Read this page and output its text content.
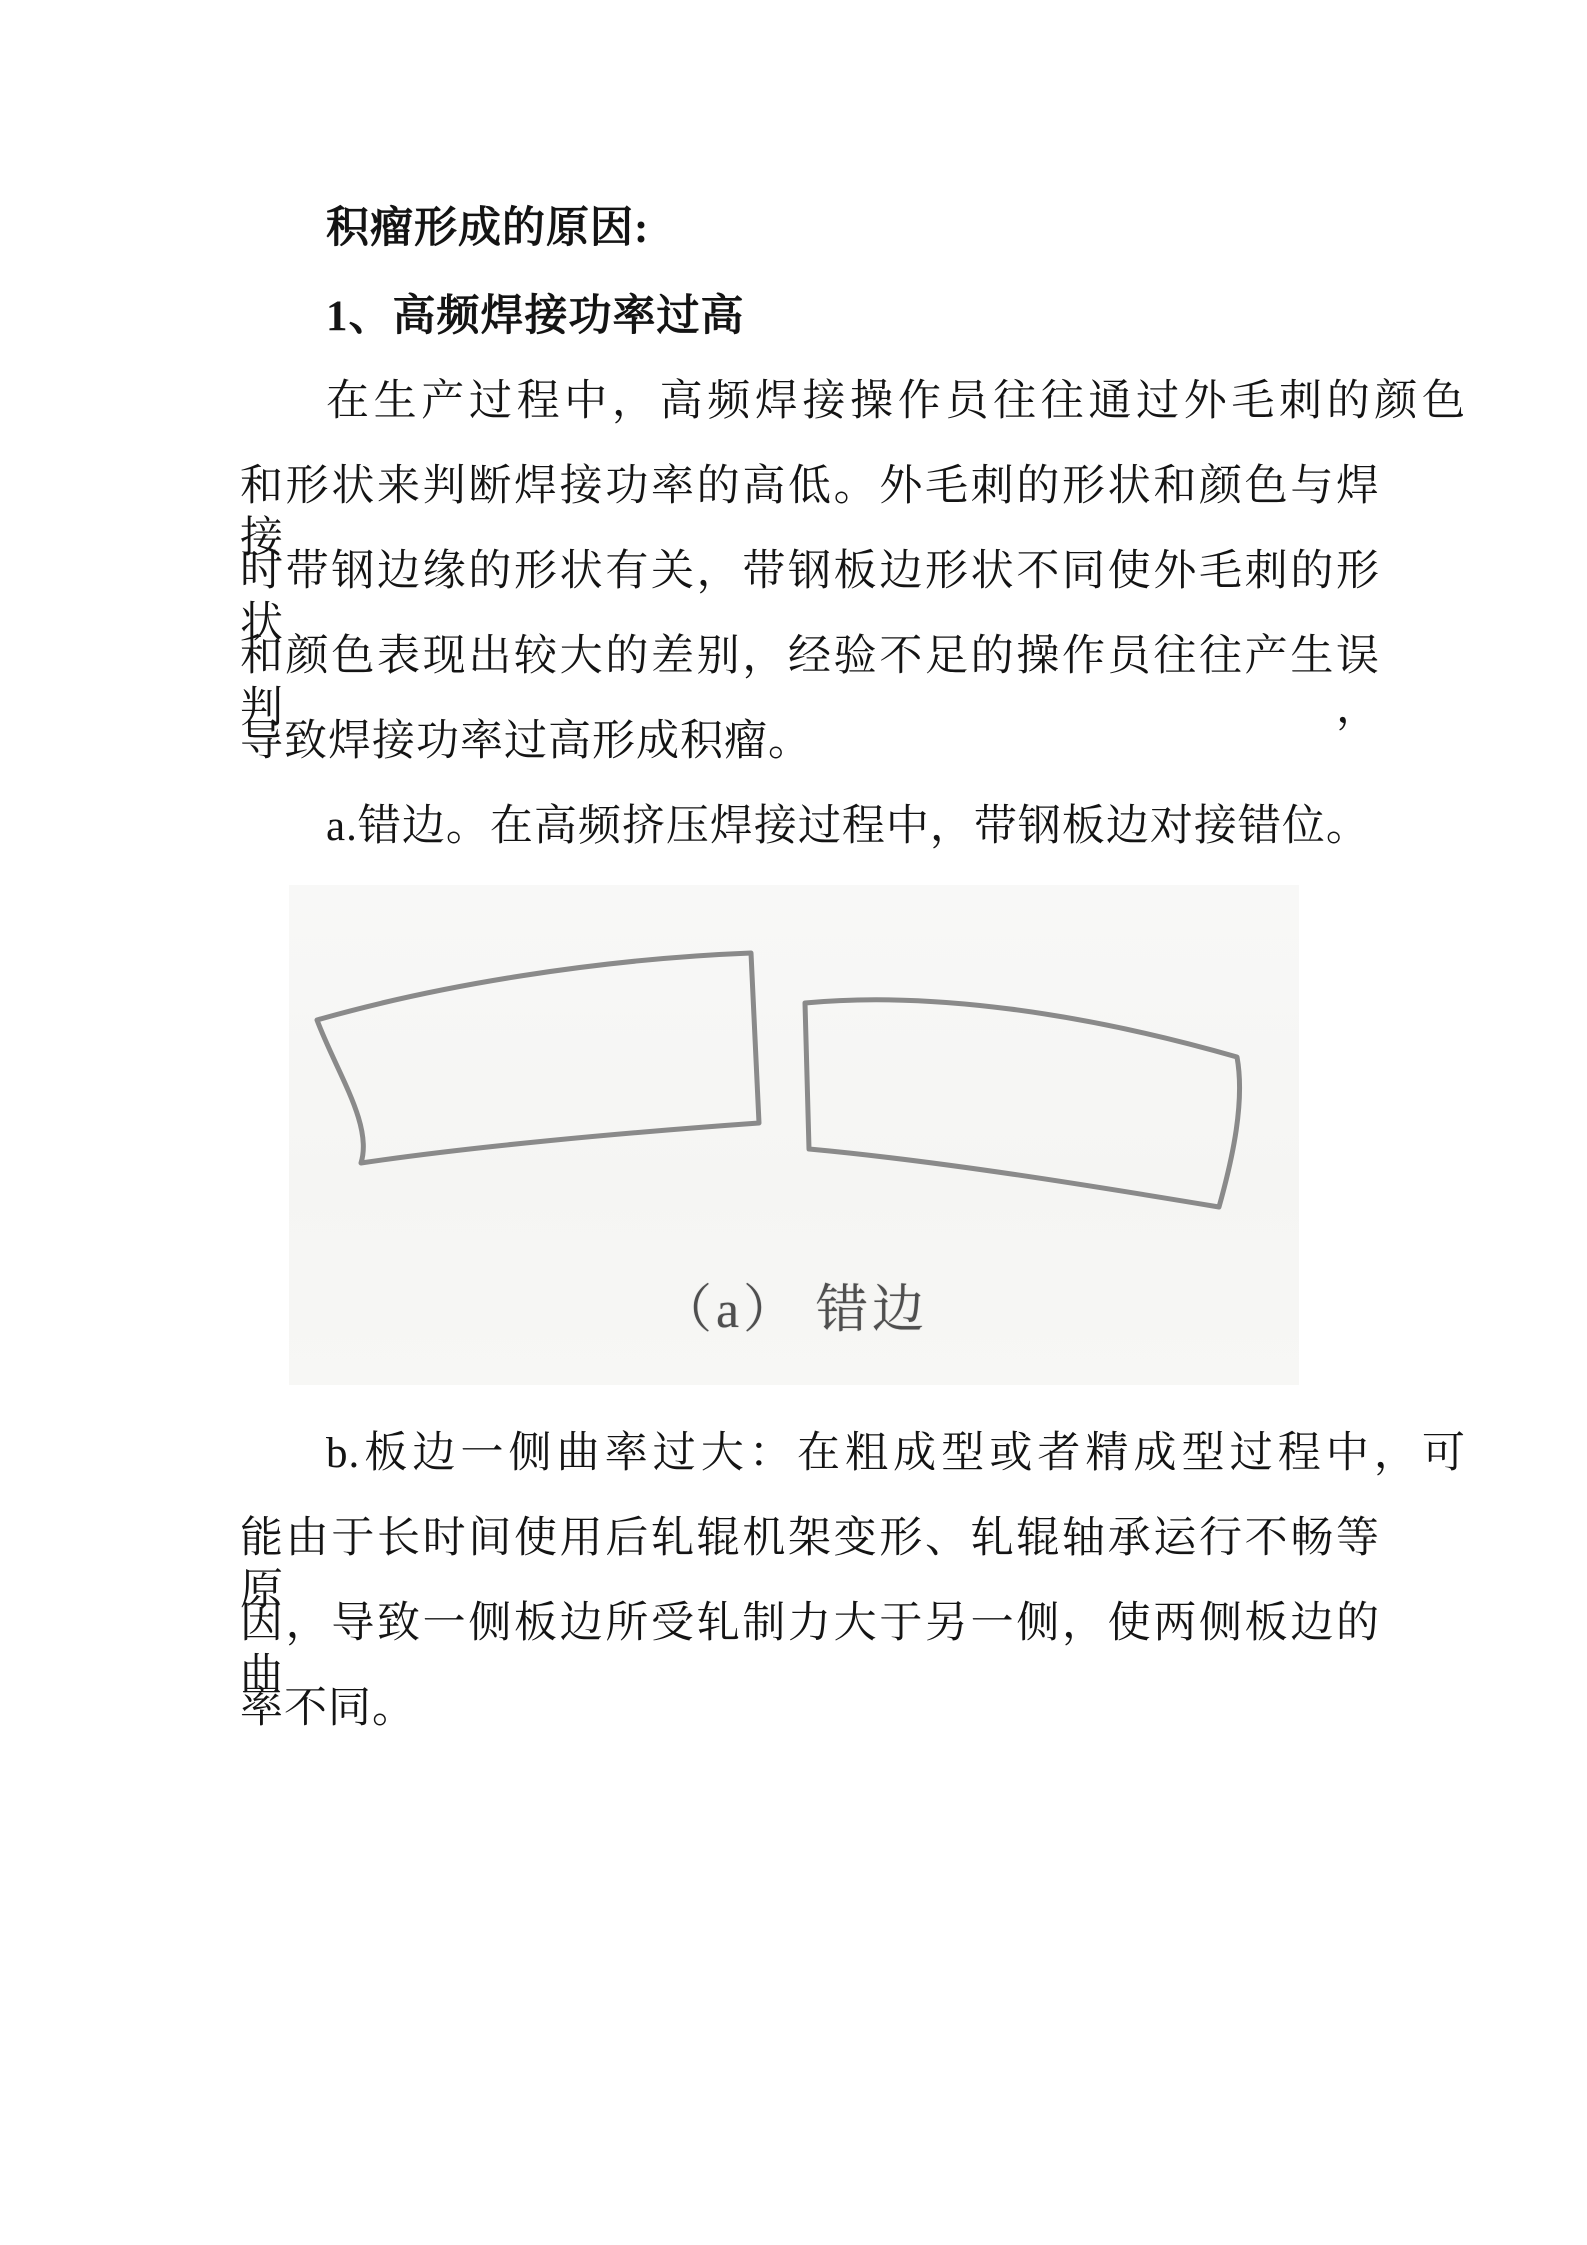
积瘤形成的原因:
1、高频焊接功率过高
在生产过程中，高频焊接操作员往往通过外毛刺的颜色
和形状来判断焊接功率的高低。外毛刺的形状和颜色与焊接
时带钢边缘的形状有关，带钢板边形状不同使外毛刺的形状
和颜色表现出较大的差别，经验不足的操作员往往产生误判，
导致焊接功率过高形成积瘤。
a.错边。在高频挤压焊接过程中，带钢板边对接错位。
（a） 错边
b.板边一侧曲率过大：在粗成型或者精成型过程中，可
能由于长时间使用后轧辊机架变形、轧辊轴承运行不畅等原
因，导致一侧板边所受轧制力大于另一侧，使两侧板边的曲
率不同。
